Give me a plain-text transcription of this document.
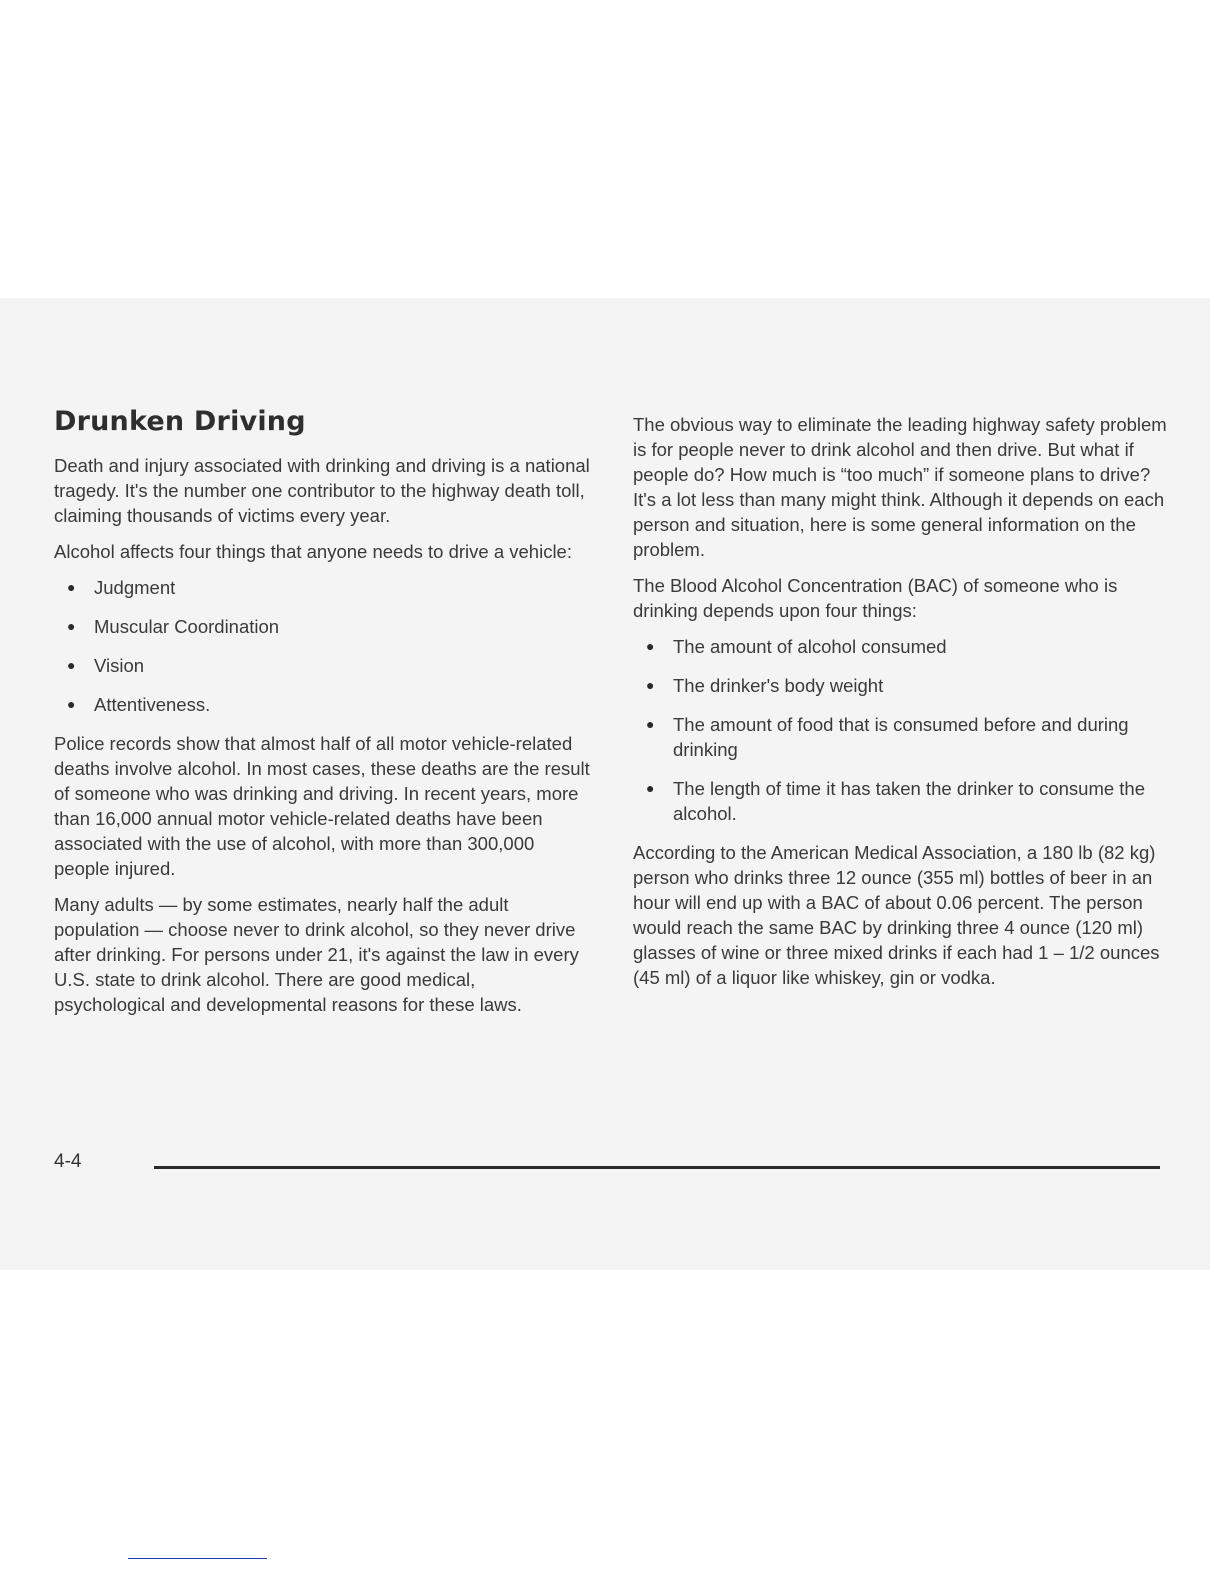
Drunken Driving

Death and injury associated with drinking and driving is a national tragedy. It's the number one contributor to the highway death toll, claiming thousands of victims every year.

Alcohol affects four things that anyone needs to drive a vehicle:

● Judgment
● Muscular Coordination
● Vision
● Attentiveness.

Police records show that almost half of all motor vehicle-related deaths involve alcohol. In most cases, these deaths are the result of someone who was drinking and driving. In recent years, more than 16,000 annual motor vehicle-related deaths have been associated with the use of alcohol, with more than 300,000 people injured.

Many adults — by some estimates, nearly half the adult population — choose never to drink alcohol, so they never drive after drinking. For persons under 21, it's against the law in every U.S. state to drink alcohol. There are good medical, psychological and developmental reasons for these laws.

The obvious way to eliminate the leading highway safety problem is for people never to drink alcohol and then drive. But what if people do? How much is “too much” if someone plans to drive? It's a lot less than many might think. Although it depends on each person and situation, here is some general information on the problem.

The Blood Alcohol Concentration (BAC) of someone who is drinking depends upon four things:

● The amount of alcohol consumed
● The drinker's body weight
● The amount of food that is consumed before and during drinking
● The length of time it has taken the drinker to consume the alcohol.

According to the American Medical Association, a 180 lb (82 kg) person who drinks three 12 ounce (355 ml) bottles of beer in an hour will end up with a BAC of about 0.06 percent. The person would reach the same BAC by drinking three 4 ounce (120 ml) glasses of wine or three mixed drinks if each had 1 – 1/2 ounces (45 ml) of a liquor like whiskey, gin or vodka.

4-4
